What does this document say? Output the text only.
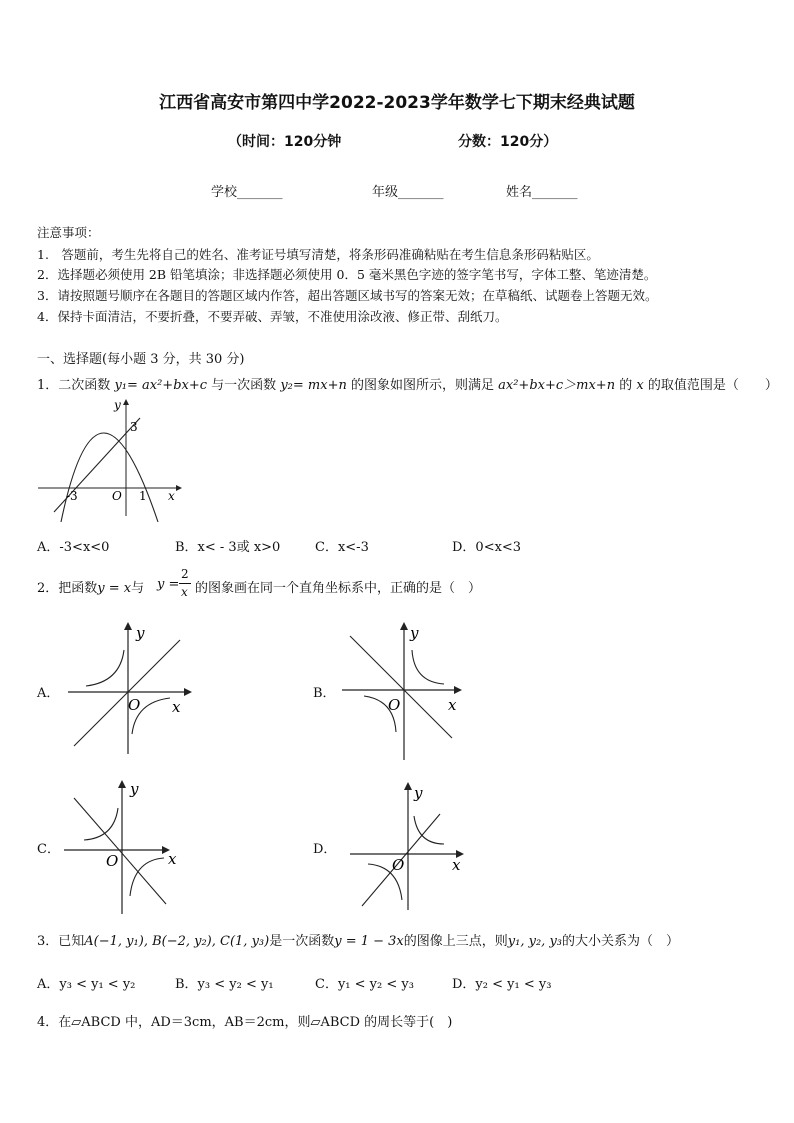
江西省高安市第四中学2022-2023学年数学七下期末经典试题
（时间：120分钟	分数：120分）
学校_______	年级_______	姓名_______
注意事项：
1.　答题前，考生先将自己的姓名、准考证号填写清楚，将条形码准确粘贴在考生信息条形码粘贴区。
2．选择题必须使用 2B 铅笔填涂；非选择题必须使用 0．5 毫米黑色字迹的签字笔书写，字体工整、笔迹清楚。
3．请按照题号顺序在各题目的答题区域内作答，超出答题区域书写的答案无效；在草稿纸、试题卷上答题无效。
4．保持卡面清洁，不要折叠，不要弄破、弄皱，不准使用涂改液、修正带、刮纸刀。
一、选择题(每小题 3 分，共 30 分)
1．二次函数 y₁= ax²+bx+c 与一次函数 y₂= mx+n 的图象如图所示，则满足 ax²+bx+c＞mx+n 的 x 的取值范围是（　　）
y
x
O
-3	1
3
A．-3<x<0	B．x< - 3或 x>0	C．x<-3	D．0<x<3
2．把函数y = x与 y =
2
x 的图象画在同一个直角坐标系中，正确的是（　）
A．
y
x
O
B．
y
x
O
C．
y
x
O
D．
y
x
O
3．已知A(−1, y₁), B(−2, y₂), C(1, y₃)是一次函数y = 1 − 3x的图像上三点，则y₁, y₂, y₃的大小关系为（　）
A．y₃ < y₁ < y₂	B．y₃ < y₂ < y₁	C．y₁ < y₂ < y₃	D．y₂ < y₁ < y₃
4．在▱ABCD 中，AD＝3cm，AB＝2cm，则▱ABCD 的周长等于(　)
